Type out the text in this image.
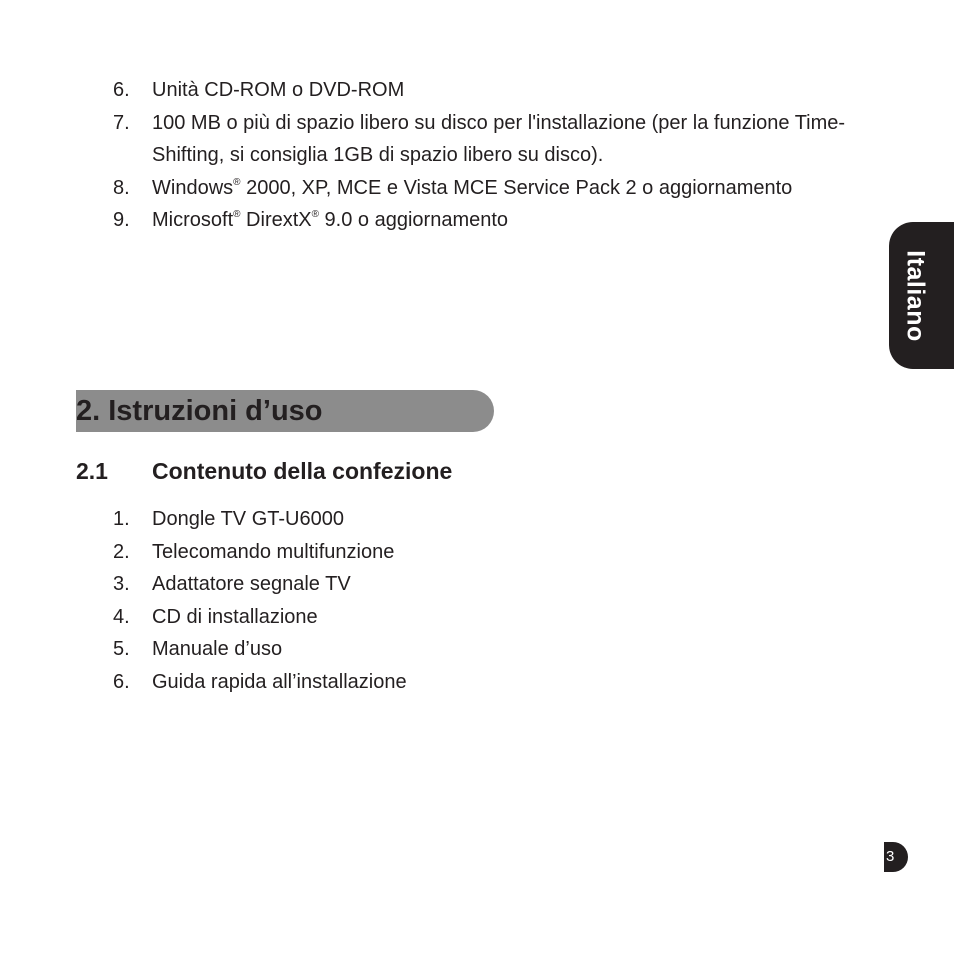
6.	Unità CD-ROM o DVD-ROM
7.	100 MB o più di spazio libero su disco per l'installazione (per la funzione Time-Shifting, si consiglia 1GB di spazio libero su disco).
8.	Windows® 2000, XP, MCE e Vista MCE Service Pack 2 o aggiornamento
9.	Microsoft® DirextX® 9.0 o aggiornamento
Italiano
2. Istruzioni d’uso
2.1 Contenuto della confezione
1.	Dongle TV GT-U6000
2.	Telecomando multifunzione
3.	Adattatore segnale TV
4.	CD di installazione
5.	Manuale d’uso
6.	Guida rapida all’installazione
3
